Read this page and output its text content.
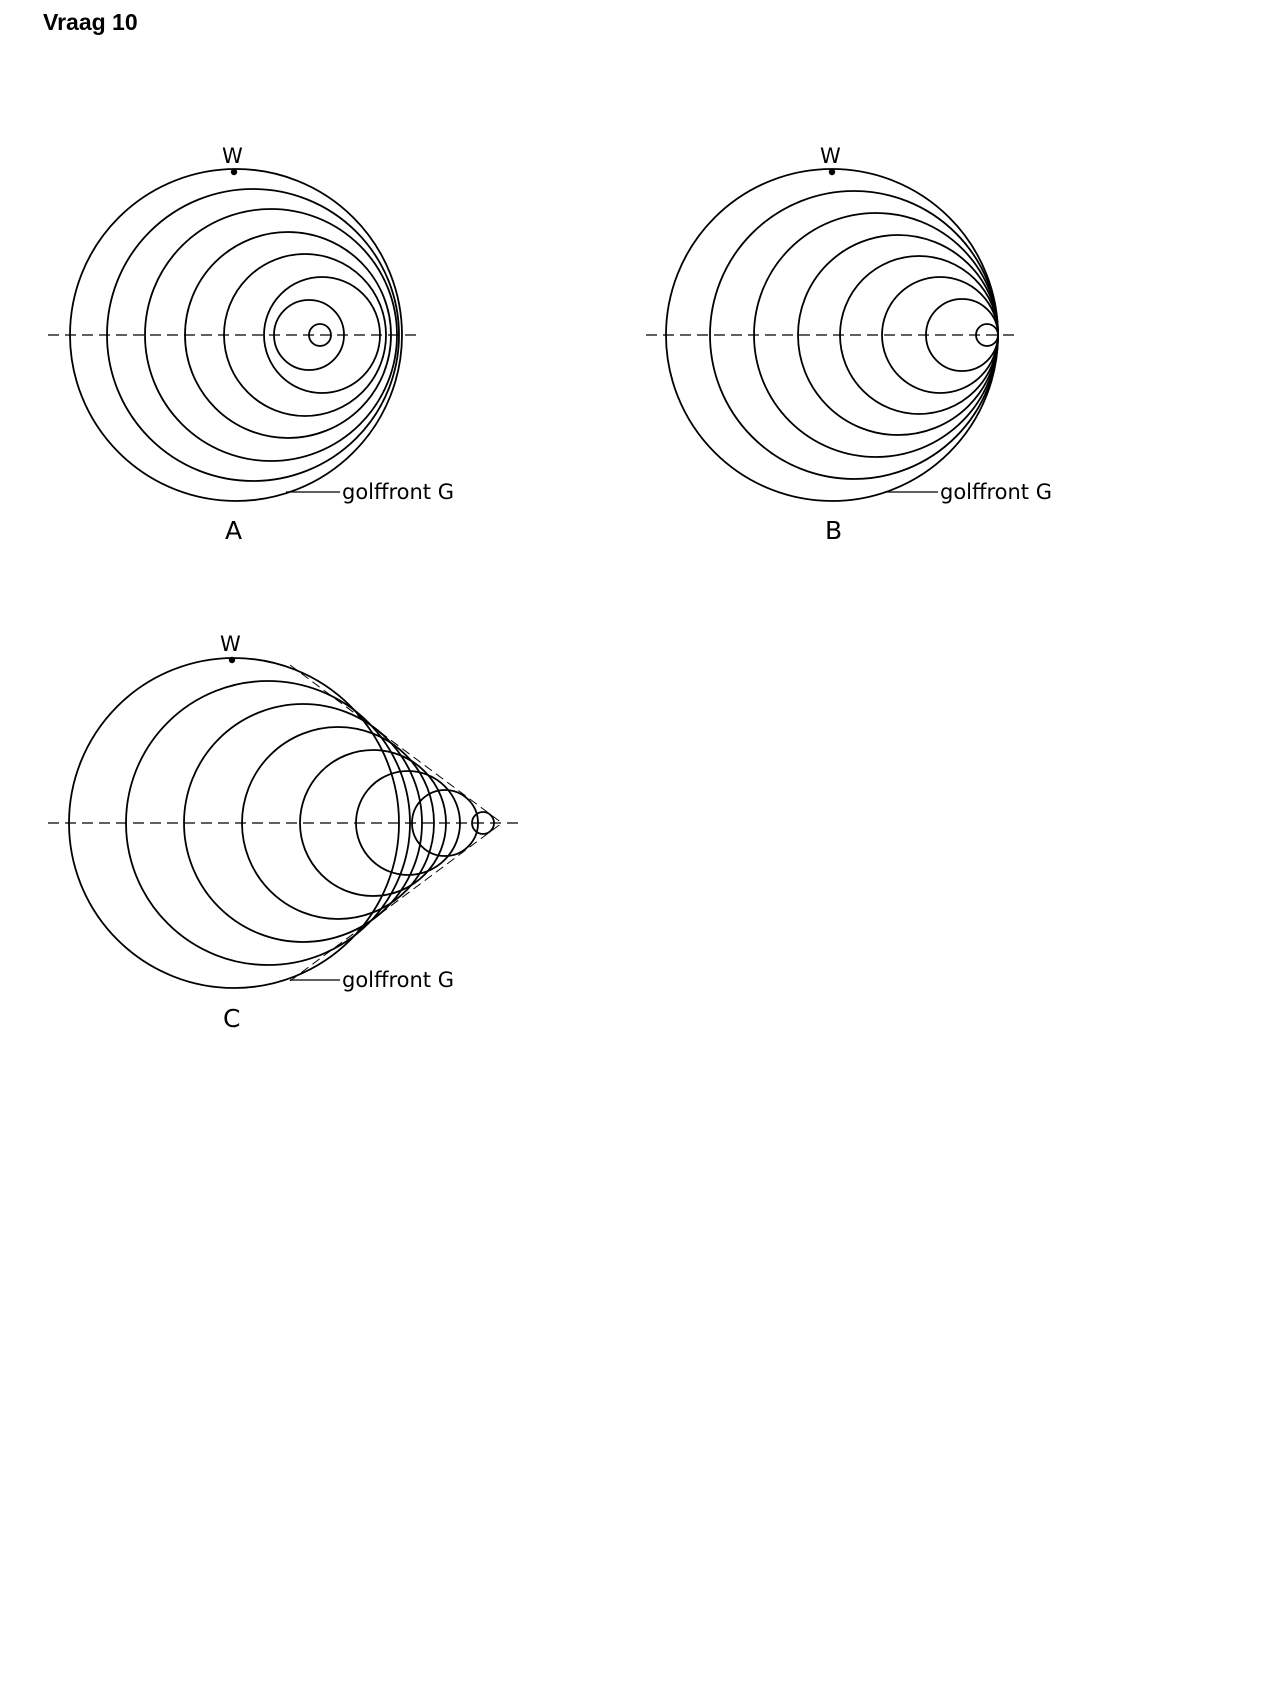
Vraag 10
W
golffront G
A
W
golffront G
B
W
golffront G
C
